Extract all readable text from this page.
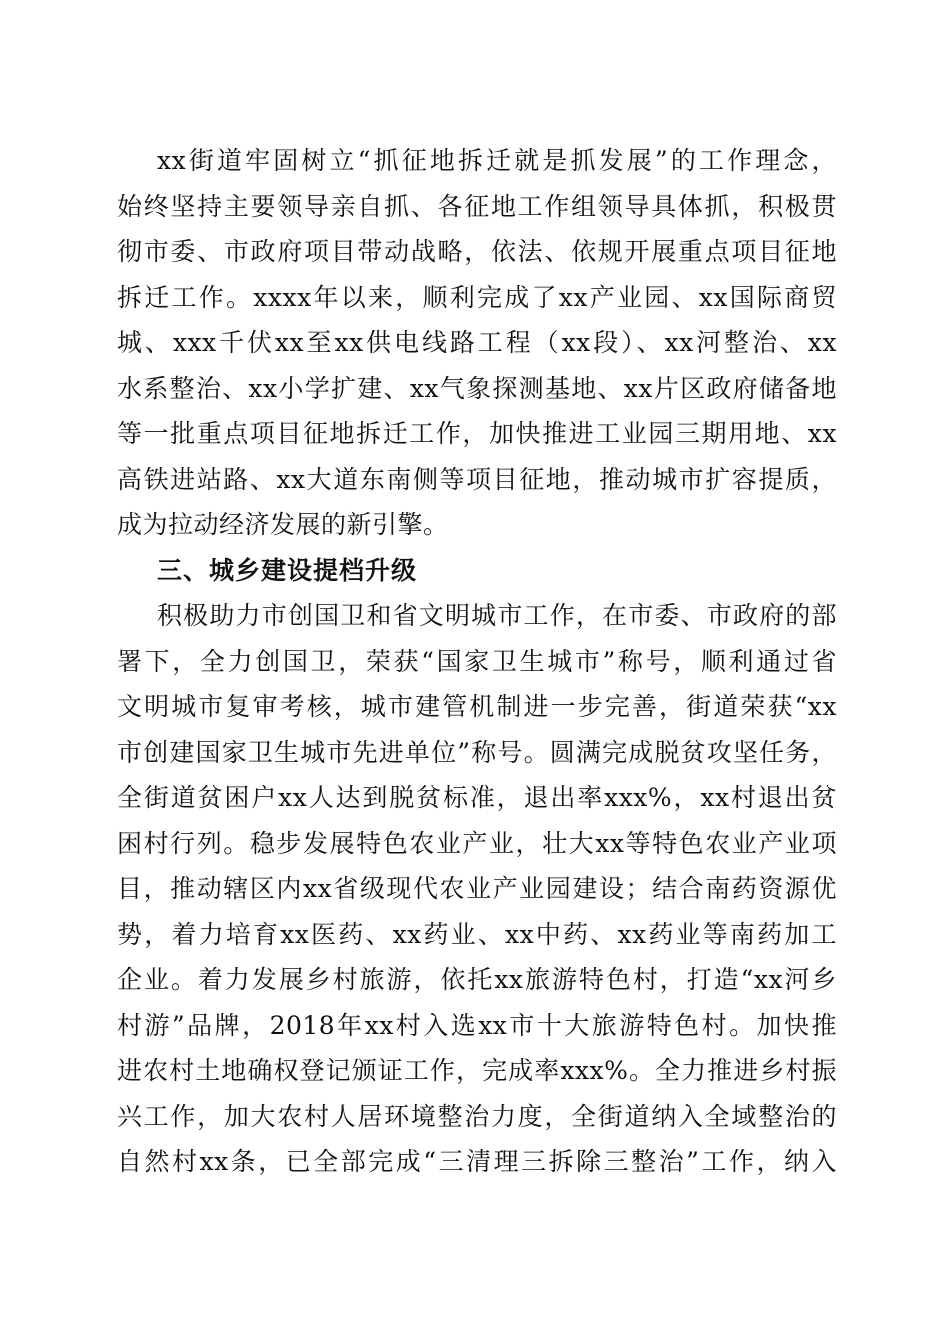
xx街道牢固树立“抓征地拆迁就是抓发展”的工作理念，
始终坚持主要领导亲自抓、各征地工作组领导具体抓，积极贯
彻市委、市政府项目带动战略，依法、依规开展重点项目征地
拆迁工作。xxxx年以来，顺利完成了xx产业园、xx国际商贸
城、xxx千伏xx至xx供电线路工程（xx段）、xx河整治、xx
水系整治、xx小学扩建、xx气象探测基地、xx片区政府储备地
等一批重点项目征地拆迁工作，加快推进工业园三期用地、xx
高铁进站路、xx大道东南侧等项目征地，推动城市扩容提质，
成为拉动经济发展的新引擎。
三、城乡建设提档升级
积极助力市创国卫和省文明城市工作，在市委、市政府的部
署下，全力创国卫，荣获“国家卫生城市”称号，顺利通过省
文明城市复审考核，城市建管机制进一步完善，街道荣获“xx
市创建国家卫生城市先进单位”称号。圆满完成脱贫攻坚任务，
全街道贫困户xx人达到脱贫标准，退出率xxx%，xx村退出贫
困村行列。稳步发展特色农业产业，壮大xx等特色农业产业项
目，推动辖区内xx省级现代农业产业园建设；结合南药资源优
势，着力培育xx医药、xx药业、xx中药、xx药业等南药加工
企业。着力发展乡村旅游，依托xx旅游特色村，打造“xx河乡
村游”品牌，2018年xx村入选xx市十大旅游特色村。加快推
进农村土地确权登记颁证工作，完成率xxx%。全力推进乡村振
兴工作，加大农村人居环境整治力度，全街道纳入全域整治的
自然村xx条，已全部完成“三清理三拆除三整治”工作，纳入
